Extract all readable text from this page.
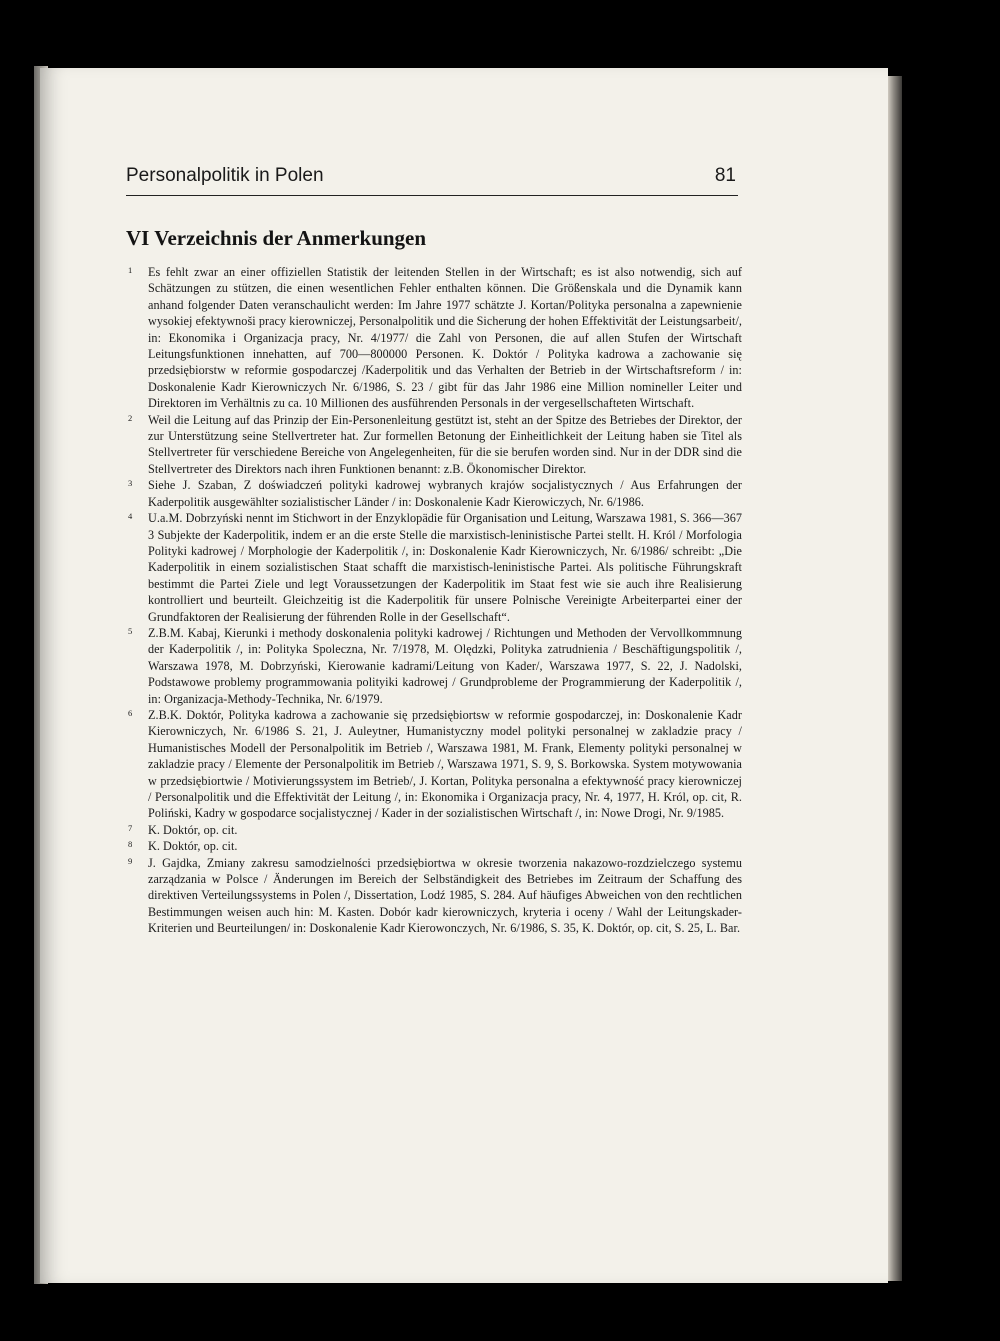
Personalpolitik in Polen	81
VI Verzeichnis der Anmerkungen
1 Es fehlt zwar an einer offiziellen Statistik der leitenden Stellen in der Wirtschaft; es ist also notwendig, sich auf Schätzungen zu stützen, die einen wesentlichen Fehler enthalten können. Die Größenskala und die Dynamik kann anhand folgender Daten veranschaulicht werden: Im Jahre 1977 schätzte J. Kortan/Polityka personalna a zapewnienie wysokiej efektywnoši pracy kierowniczej, Personalpolitik und die Sicherung der hohen Effektivität der Leistungsarbeit/, in: Ekonomika i Organizacja pracy, Nr. 4/1977/ die Zahl von Personen, die auf allen Stufen der Wirtschaft Leitungsfunktionen innehatten, auf 700—800000 Personen. K. Doktór / Polityka kadrowa a zachowanie się przedsiębiorstw w reformie gospodarczej /Kaderpolitik und das Verhalten der Betrieb in der Wirtschaftsreform / in: Doskonalenie Kadr Kierowniczych Nr. 6/1986, S. 23 / gibt für das Jahr 1986 eine Million nomineller Leiter und Direktoren im Verhältnis zu ca. 10 Millionen des ausführenden Personals in der vergesellschafteten Wirtschaft.
2 Weil die Leitung auf das Prinzip der Ein-Personenleitung gestützt ist, steht an der Spitze des Betriebes der Direktor, der zur Unterstützung seine Stellvertreter hat. Zur formellen Betonung der Einheitlichkeit der Leitung haben sie Titel als Stellvertreter für verschiedene Bereiche von Angelegenheiten, für die sie berufen worden sind. Nur in der DDR sind die Stellvertreter des Direktors nach ihren Funktionen benannt: z.B. Ökonomischer Direktor.
3 Siehe J. Szaban, Z doświadczeń polityki kadrowej wybranych krajów socjalistycznych / Aus Erfahrungen der Kaderpolitik ausgewählter sozialistischer Länder / in: Doskonalenie Kadr Kierowiczych, Nr. 6/1986.
4 U.a.M. Dobrzyński nennt im Stichwort in der Enzyklopädie für Organisation und Leitung, Warszawa 1981, S. 366—367 3 Subjekte der Kaderpolitik, indem er an die erste Stelle die marxistisch-leninistische Partei stellt. H. Król / Morfologia Polityki kadrowej / Morphologie der Kaderpolitik /, in: Doskonalenie Kadr Kierowniczych, Nr. 6/1986/ schreibt: „Die Kaderpolitik in einem sozialistischen Staat schafft die marxistisch-leninistische Partei. Als politische Führungskraft bestimmt die Partei Ziele und legt Voraussetzungen der Kaderpolitik im Staat fest wie sie auch ihre Realisierung kontrolliert und beurteilt. Gleichzeitig ist die Kaderpolitik für unsere Polnische Vereinigte Arbeiterpartei einer der Grundfaktoren der Realisierung der führenden Rolle in der Gesellschaft“.
5 Z.B.M. Kabaj, Kierunki i methody doskonalenia polityki kadrowej / Richtungen und Methoden der Vervollkommnung der Kaderpolitik /, in: Polityka Spoleczna, Nr. 7/1978, M. Olędzki, Polityka zatrudnienia / Beschäftigungspolitik /, Warszawa 1978, M. Dobrzyński, Kierowanie kadrami/Leitung von Kader/, Warszawa 1977, S. 22, J. Nadolski, Podstawowe problemy programmowania polityiki kadrowej / Grundprobleme der Programmierung der Kaderpolitik /, in: Organizacja-Methody-Technika, Nr. 6/1979.
6 Z.B.K. Doktór, Polityka kadrowa a zachowanie się przedsiębiortsw w reformie gospodarczej, in: Doskonalenie Kadr Kierowniczych, Nr. 6/1986 S. 21, J. Auleytner, Humanistyczny model polityki personalnej w zakladzie pracy / Humanistisches Modell der Personalpolitik im Betrieb /, Warszawa 1981, M. Frank, Elementy polityki personalnej w zakladzie pracy / Elemente der Personalpolitik im Betrieb /, Warszawa 1971, S. 9, S. Borkowska. System motywowania w przedsiębiortwie / Motivierungssystem im Betrieb/, J. Kortan, Polityka personalna a efektywność pracy kierowniczej / Personalpolitik und die Effektivität der Leitung /, in: Ekonomika i Organizacja pracy, Nr. 4, 1977, H. Król, op. cit, R. Poliński, Kadry w gospodarce socjalistycznej / Kader in der sozialistischen Wirtschaft /, in: Nowe Drogi, Nr. 9/1985.
7 K. Doktór, op. cit.
8 K. Doktór, op. cit.
9 J. Gajdka, Zmiany zakresu samodzielności przedsiębiortwa w okresie tworzenia nakazowo-rozdzielczego systemu zarządzania w Polsce / Änderungen im Bereich der Selbständigkeit des Betriebes im Zeitraum der Schaffung des direktiven Verteilungssystems in Polen /, Dissertation, Lodź 1985, S. 284. Auf häufiges Abweichen von den rechtlichen Bestimmungen weisen auch hin: M. Kasten. Dobór kadr kierowniczych, kryteria i oceny / Wahl der Leitungskader-Kriterien und Beurteilungen/ in: Doskonalenie Kadr Kierowonczych, Nr. 6/1986, S. 35, K. Doktór, op. cit, S. 25, L. Bar.
